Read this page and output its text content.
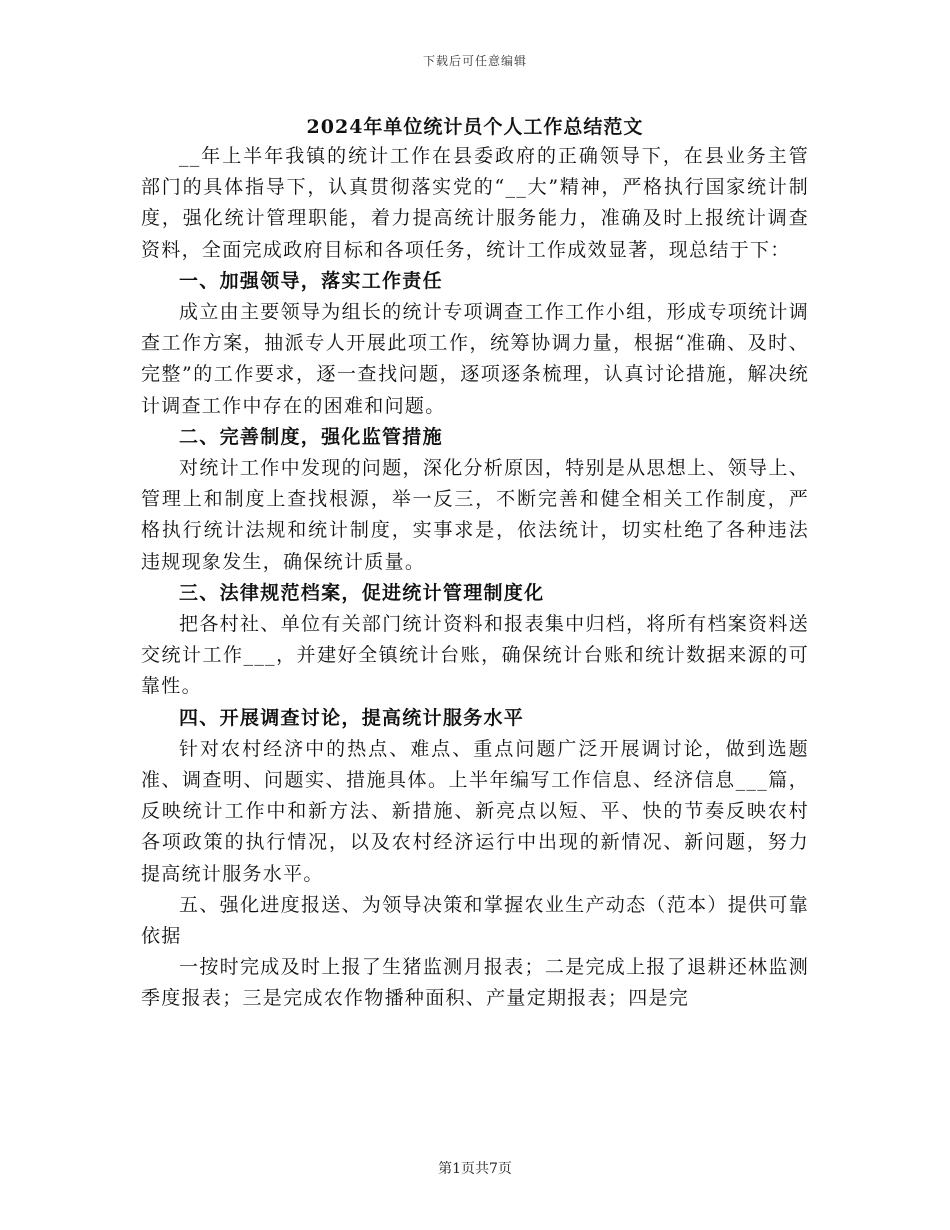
下载后可任意编辑
2024年单位统计员个人工作总结范文

__年上半年我镇的统计工作在县委政府的正确领导下，在县业务主管部门的具体指导下，认真贯彻落实党的“__大”精神，严格执行国家统计制度，强化统计管理职能，着力提高统计服务能力，准确及时上报统计调查资料，全面完成政府目标和各项任务，统计工作成效显著，现总结于下：

一、加强领导，落实工作责任

成立由主要领导为组长的统计专项调查工作工作小组，形成专项统计调查工作方案，抽派专人开展此项工作，统筹协调力量，根据“准确、及时、完整”的工作要求，逐一查找问题，逐项逐条梳理，认真讨论措施，解决统计调查工作中存在的困难和问题。

二、完善制度，强化监管措施

对统计工作中发现的问题，深化分析原因，特别是从思想上、领导上、管理上和制度上查找根源，举一反三，不断完善和健全相关工作制度，严格执行统计法规和统计制度，实事求是，依法统计，切实杜绝了各种违法违规现象发生，确保统计质量。

三、法律规范档案，促进统计管理制度化

把各村社、单位有关部门统计资料和报表集中归档，将所有档案资料送交统计工作___，并建好全镇统计台账，确保统计台账和统计数据来源的可靠性。

四、开展调查讨论，提高统计服务水平

针对农村经济中的热点、难点、重点问题广泛开展调讨论，做到选题准、调查明、问题实、措施具体。上半年编写工作信息、经济信息___篇，反映统计工作中和新方法、新措施、新亮点以短、平、快的节奏反映农村各项政策的执行情况，以及农村经济运行中出现的新情况、新问题，努力提高统计服务水平。

五、强化进度报送、为领导决策和掌握农业生产动态（范本）提供可靠依据

一按时完成及时上报了生猪监测月报表；二是完成上报了退耕还林监测季度报表；三是完成农作物播种面积、产量定期报表；四是完

第1页共7页
